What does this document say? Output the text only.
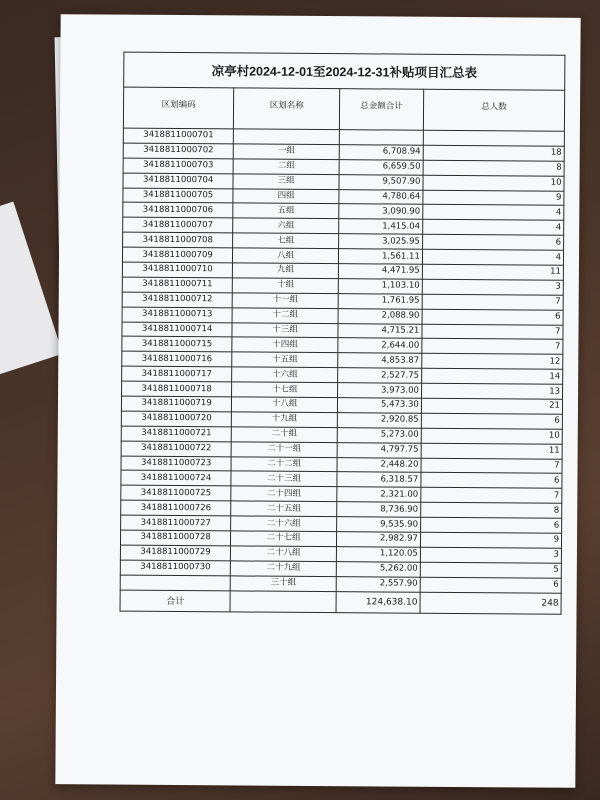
凉亭村2024-12-01至2024-12-31补贴项目汇总表			
区划编码	区划名称	总金额合计	总人数
3418811000701			
3418811000702	一组	6,708.94	18
3418811000703	二组	6,659.50	8
3418811000704	三组	9,507.90	10
3418811000705	四组	4,780.64	9
3418811000706	五组	3,090.90	4
3418811000707	六组	1,415.04	4
3418811000708	七组	3,025.95	6
3418811000709	八组	1,561.11	4
3418811000710	九组	4,471.95	11
3418811000711	十组	1,103.10	3
3418811000712	十一组	1,761.95	7
3418811000713	十二组	2,088.90	6
3418811000714	十三组	4,715.21	7
3418811000715	十四组	2,644.00	7
3418811000716	十五组	4,853.87	12
3418811000717	十六组	2,527.75	14
3418811000718	十七组	3,973.00	13
3418811000719	十八组	5,473.30	21
3418811000720	十九组	2,920.85	6
3418811000721	二十组	5,273.00	10
3418811000722	二十一组	4,797.75	11
3418811000723	二十二组	2,448.20	7
3418811000724	二十三组	6,318.57	6
3418811000725	二十四组	2,321.00	7
3418811000726	二十五组	8,736.90	8
3418811000727	二十六组	9,535.90	6
3418811000728	二十七组	2,982.97	9
3418811000729	二十八组	1,120.05	3
3418811000730	二十九组	5,262.00	5
	三十组	2,557.90	6
合计		124,638.10	248
